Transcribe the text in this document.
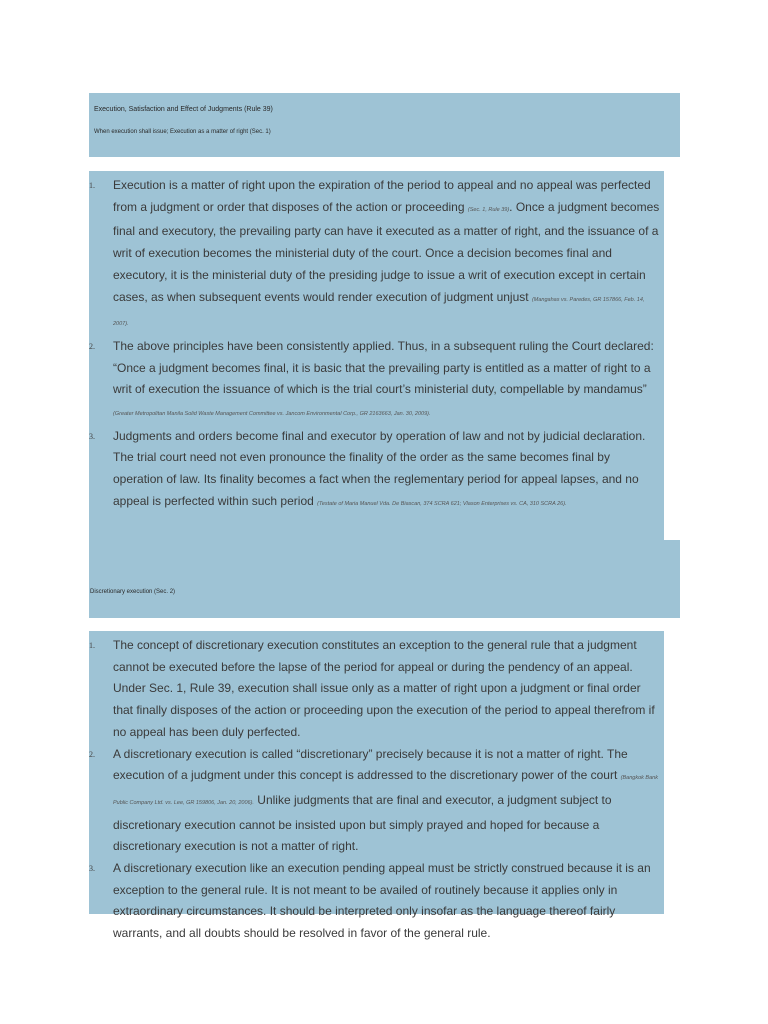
Execution, Satisfaction and Effect of Judgments (Rule 39)
When execution shall issue; Execution as a matter of right (Sec. 1)
1. Execution is a matter of right upon the expiration of the period to appeal and no appeal was perfected from a judgment or order that disposes of the action or proceeding (Sec. 1, Rule 39). Once a judgment becomes final and executory, the prevailing party can have it executed as a matter of right, and the issuance of a writ of execution becomes the ministerial duty of the court. Once a decision becomes final and executory, it is the ministerial duty of the presiding judge to issue a writ of execution except in certain cases, as when subsequent events would render execution of judgment unjust (Mangahas vs. Paredes, GR 157866, Feb. 14, 2007).
2. The above principles have been consistently applied. Thus, in a subsequent ruling the Court declared: “Once a judgment becomes final, it is basic that the prevailing party is entitled as a matter of right to a writ of execution the issuance of which is the trial court’s ministerial duty, compellable by mandamus” (Greater Metropolitan Manila Solid Waste Management Committee vs. Jancom Environmental Corp., GR 2163663, Jan. 30, 2009).
3. Judgments and orders become final and executor by operation of law and not by judicial declaration. The trial court need not even pronounce the finality of the order as the same becomes final by operation of law. Its finality becomes a fact when the reglementary period for appeal lapses, and no appeal is perfected within such period (Testate of Maria Manuel Vda. De Biascan, 374 SCRA 621; Vlason Enterprises vs. CA, 310 SCRA 26).
Discretionary execution (Sec. 2)
1. The concept of discretionary execution constitutes an exception to the general rule that a judgment cannot be executed before the lapse of the period for appeal or during the pendency of an appeal. Under Sec. 1, Rule 39, execution shall issue only as a matter of right upon a judgment or final order that finally disposes of the action or proceeding upon the execution of the period to appeal therefrom if no appeal has been duly perfected.
2. A discretionary execution is called “discretionary” precisely because it is not a matter of right. The execution of a judgment under this concept is addressed to the discretionary power of the court (Bangkok Bank Public Company Ltd. vs. Lee, GR 159806, Jan. 20, 2006). Unlike judgments that are final and executor, a judgment subject to discretionary execution cannot be insisted upon but simply prayed and hoped for because a discretionary execution is not a matter of right.
3. A discretionary execution like an execution pending appeal must be strictly construed because it is an exception to the general rule. It is not meant to be availed of routinely because it applies only in extraordinary circumstances. It should be interpreted only insofar as the language thereof fairly warrants, and all doubts should be resolved in favor of the general rule.
